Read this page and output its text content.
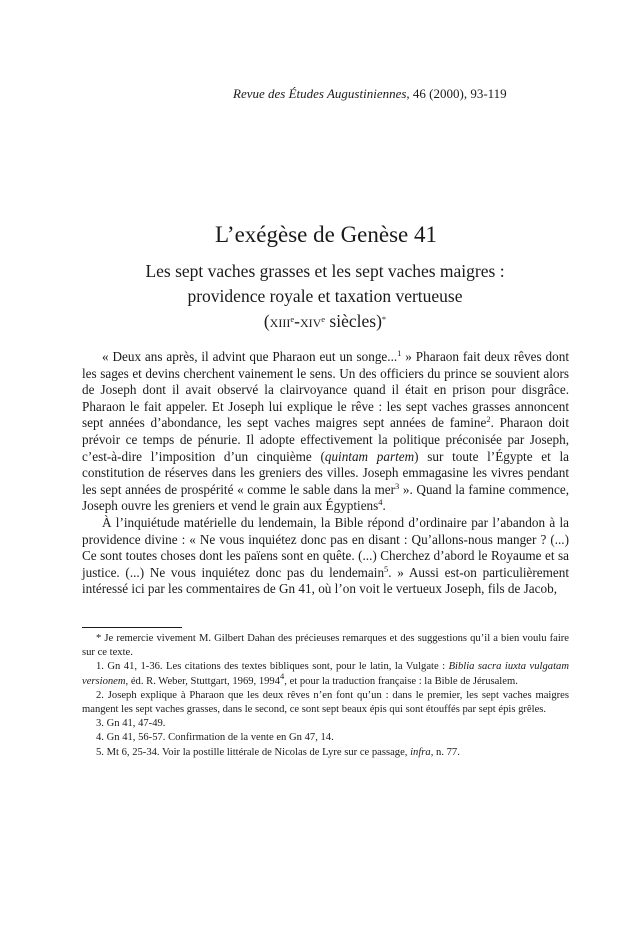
Revue des Études Augustiniennes, 46 (2000), 93-119
L’exégèse de Genèse 41
Les sept vaches grasses et les sept vaches maigres :
providence royale et taxation vertueuse
(xiii$^e$-xiv$^e$ siècles)*

« Deux ans après, il advint que Pharaon eut un songe...$^1$ » Pharaon fait deux rêves dont les sages et devins cherchent vainement le sens. Un des officiers du prince se souvient alors de Joseph dont il avait observé la clairvoyance quand il était en prison pour disgrâce. Pharaon le fait appeler. Et Joseph lui explique le rêve : les sept vaches grasses annoncent sept années d’abondance, les sept vaches maigres sept années de famine$^2$. Pharaon doit prévoir ce temps de pénurie. Il adopte effectivement la politique préconisée par Joseph, c’est-à-dire l’imposition d’un cinquième (quintam partem) sur toute l’Égypte et la constitution de réserves dans les greniers des villes. Joseph emmagasine les vivres pendant les sept années de prospérité « comme le sable dans la mer$^3$ ». Quand la famine commence, Joseph ouvre les greniers et vend le grain aux Égyptiens$^4$.

À l’inquiétude matérielle du lendemain, la Bible répond d’ordinaire par l’abandon à la providence divine : « Ne vous inquiétez donc pas en disant : Qu’allons-nous manger ? (...) Ce sont toutes choses dont les païens sont en quête. (...) Cherchez d’abord le Royaume et sa justice. (...) Ne vous inquiétez donc pas du lendemain$^5$. » Aussi est-on particulièrement intéressé ici par les commentaires de Gn 41, où l’on voit le vertueux Joseph, fils de Jacob,

* Je remercie vivement M. Gilbert Dahan des précieuses remarques et des suggestions qu’il a bien voulu faire sur ce texte.

1. Gn 41, 1-36. Les citations des textes bibliques sont, pour le latin, la Vulgate : Biblia sacra iuxta vulgatam versionem, éd. R. Weber, Stuttgart, 1969, 1994$^4$, et pour la traduction française : la Bible de Jérusalem.

2. Joseph explique à Pharaon que les deux rêves n’en font qu’un : dans le premier, les sept vaches maigres mangent les sept vaches grasses, dans le second, ce sont sept beaux épis qui sont étouffés par sept épis grêles.

3. Gn 41, 47-49.

4. Gn 41, 56-57. Confirmation de la vente en Gn 47, 14.

5. Mt 6, 25-34. Voir la postille littérale de Nicolas de Lyre sur ce passage, infra, n. 77.
